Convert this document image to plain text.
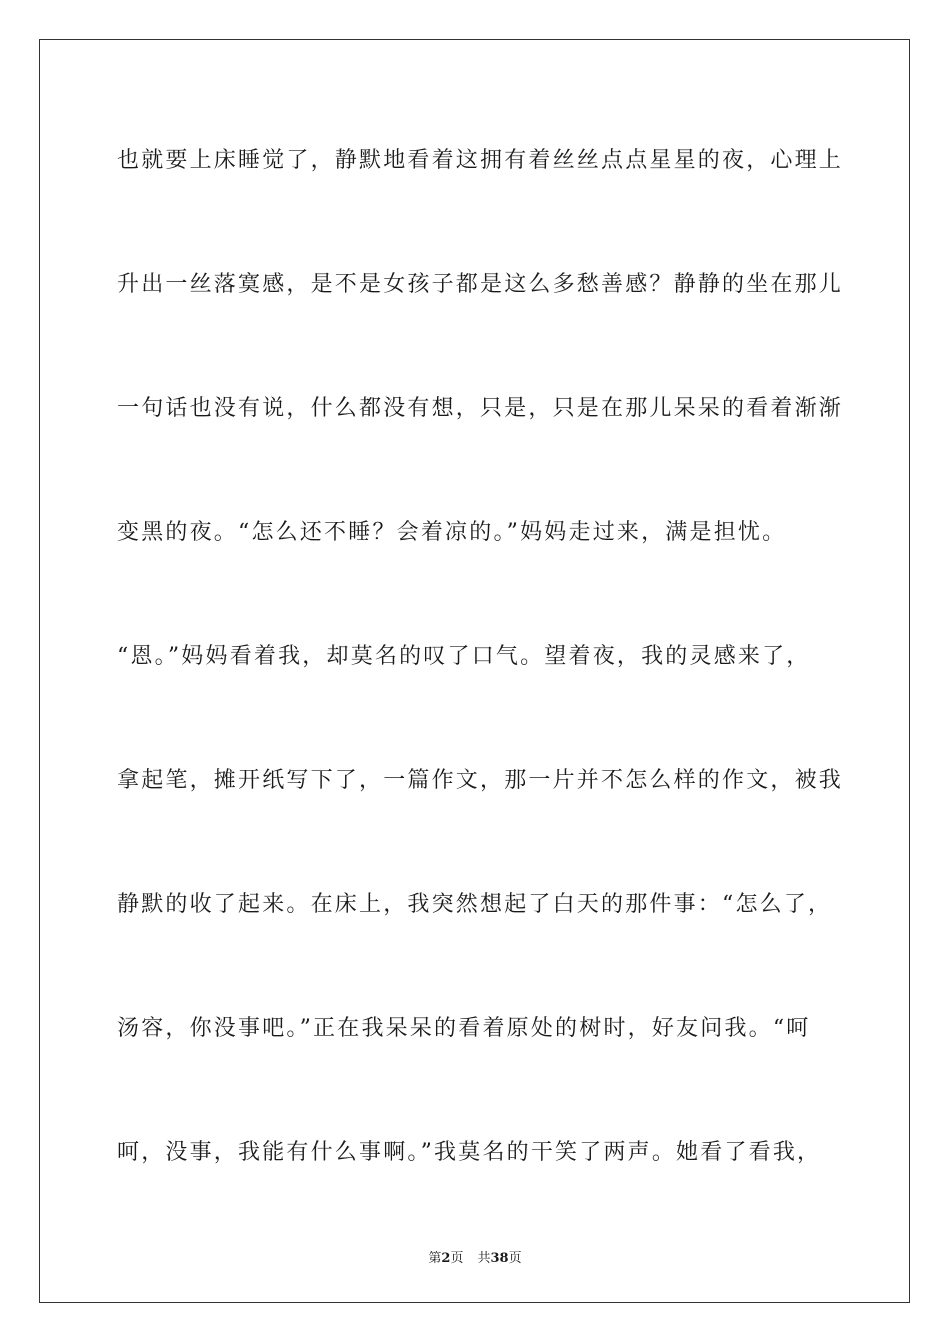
也就要上床睡觉了，静默地看着这拥有着丝丝点点星星的夜，心理上
升出一丝落寞感，是不是女孩子都是这么多愁善感？静静的坐在那儿
一句话也没有说，什么都没有想，只是，只是在那儿呆呆的看着渐渐
变黑的夜。“怎么还不睡？会着凉的。”妈妈走过来，满是担忧。
“恩。”妈妈看着我，却莫名的叹了口气。望着夜，我的灵感来了，
拿起笔，摊开纸写下了，一篇作文，那一片并不怎么样的作文，被我
静默的收了起来。在床上，我突然想起了白天的那件事：“怎么了，
汤容，你没事吧。”正在我呆呆的看着原处的树时，好友问我。“呵
呵，没事，我能有什么事啊。”我莫名的干笑了两声。她看了看我，
第2页 共38页
